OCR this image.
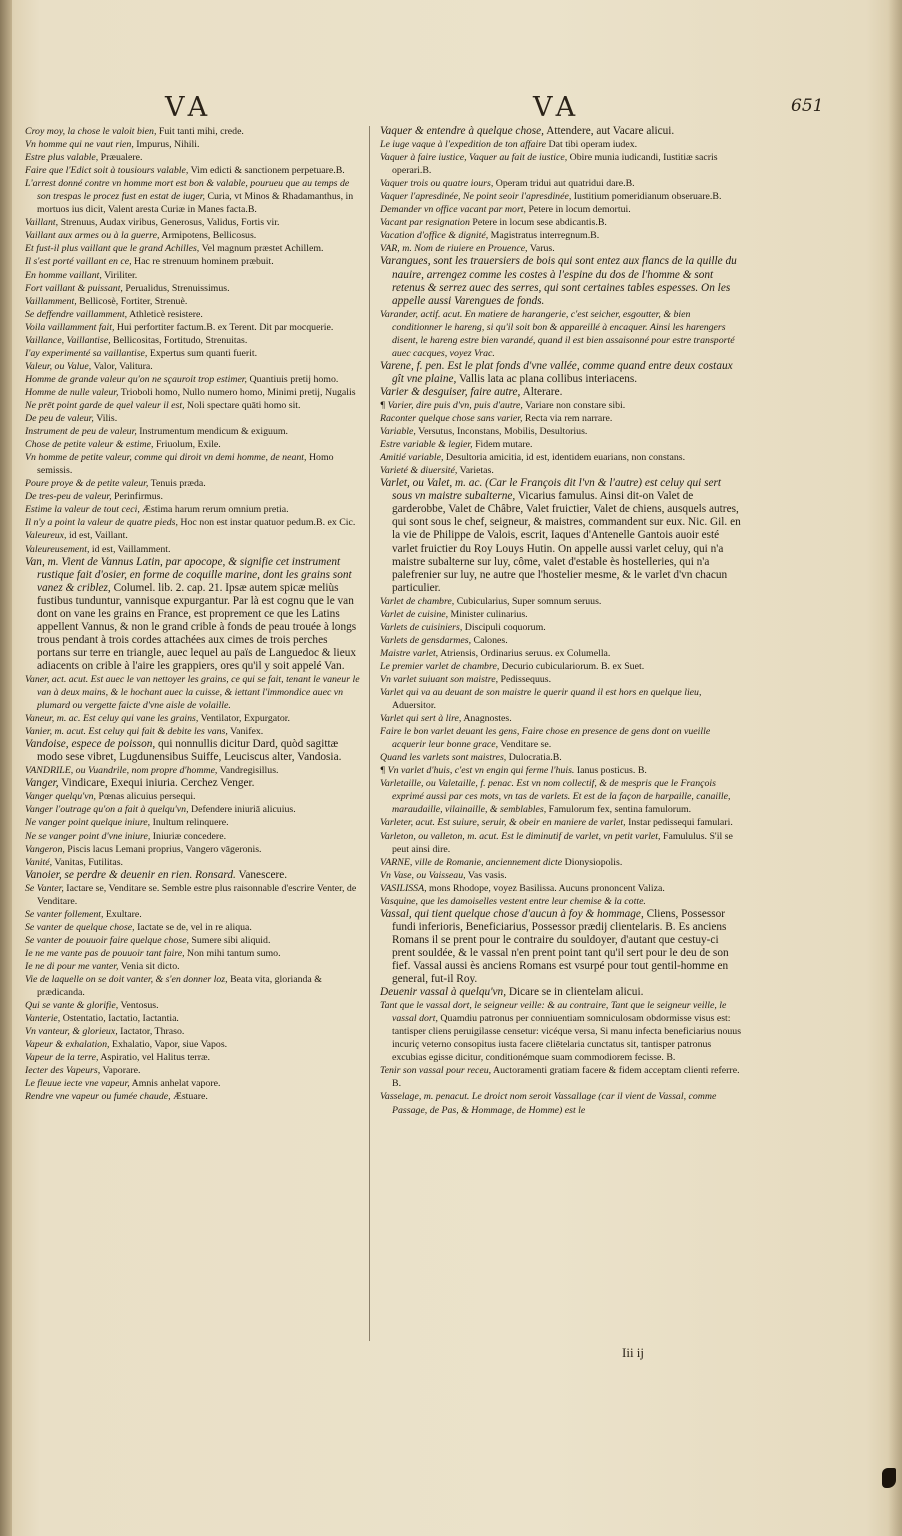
VA	VA	651

Croy moy, la chose le valoit bien, Fuit tanti mihi, crede.

Vn homme qui ne vaut rien, Impurus, Nihili.

Estre plus valable, Præualere.

Faire que l'Edict soit à tousiours valable, Vim edicti & sanctionem perpetuare.B.

L'arrest donné contre vn homme mort est bon & valable, pourueu que au temps de son trespas le procez fust en estat de iuger, Curia, vt Minos & Rhadamanthus, in mortuos ius dicit, Valent aresta Curiæ in Manes facta.B.

Vaillant, Strenuus, Audax viribus, Generosus, Validus, Fortis vir.

Vaillant aux armes ou à la guerre, Armipotens, Bellicosus.

Et fust-il plus vaillant que le grand Achilles, Vel magnum præstet Achillem.

Il s'est porté vaillant en ce, Hac re strenuum hominem præbuit.

En homme vaillant, Viriliter.

Fort vaillant & puissant, Perualidus, Strenuissimus.

Vaillamment, Bellicosè, Fortiter, Strenuè.

Se deffendre vaillamment, Athleticè resistere.

Voila vaillamment fait, Hui perfortiter factum.B. ex Terent. Dit par mocquerie.

Vaillance, Vaillantise, Bellicositas, Fortitudo, Strenuitas.

I'ay experimenté sa vaillantise, Expertus sum quanti fuerit.

Valeur, ou Value, Valor, Valitura.

Homme de grande valeur qu'on ne sçauroit trop estimer, Quantiuis pretij homo.

Homme de nulle valeur, Trioboli homo, Nullo numero homo, Minimi pretij, Nugalis

Ne prēt point garde de quel valeur il est, Noli spectare quāti homo sit.

De peu de valeur, Vilis.

Instrument de peu de valeur, Instrumentum mendicum & exiguum.

Chose de petite valeur & estime, Friuolum, Exile.

Vn homme de petite valeur, comme qui diroit vn demi homme, de neant, Homo semissis.

Poure proye & de petite valeur, Tenuis præda.

De tres-peu de valeur, Perinfirmus.

Estime la valeur de tout ceci, Æstima harum rerum omnium pretia.

Il n'y a point la valeur de quatre pieds, Hoc non est instar quatuor pedum.B. ex Cic.

Valeureux, id est, Vaillant.

Valeureusement, id est, Vaillamment.

Van, m. Vient de Vannus Latin, par apocope, & signifie cet instrument rustique fait d'osier, en forme de coquille marine, dont les grains sont vanez & criblez, Columel. lib. 2. cap. 21. Ipsæ autem spicæ meliùs fustibus tunduntur, vannisque expurgantur. Par là est cognu que le van dont on vane les grains en France, est proprement ce que les Latins appellent Vannus, & non le grand crible à fonds de peau trouée à longs trous pendant à trois cordes attachées aux cimes de trois perches portans sur terre en triangle, auec lequel au païs de Languedoc & lieux adiacents on crible à l'aire les grappiers, ores qu'il y soit appelé Van.

Vaner, act. acut. Est auec le van nettoyer les grains, ce qui se fait, tenant le vaneur le van à deux mains, & le hochant auec la cuisse, & iettant l'immondice auec vn plumard ou vergette faicte d'vne aisle de volaille.

Vaneur, m. ac. Est celuy qui vane les grains, Ventilator, Expurgator.

Vanier, m. acut. Est celuy qui fait & debite les vans, Vanifex.

Vandoise, espece de poisson, qui nonnullis dicitur Dard, quòd sagittæ modo sese vibret, Lugdunensibus Suiffe, Leuciscus alter, Vandosia.

VANDRILE, ou Vuandrile, nom propre d'homme, Vandregisillus.

Vanger, Vindicare, Exequi iniuria. Cerchez Venger.

Vanger quelqu'vn, Pœnas alicuius persequi.

Vanger l'outrage qu'on a fait à quelqu'vn, Defendere iniuriā alicuius.

Ne vanger point quelque iniure, Inultum relinquere.

Ne se vanger point d'vne iniure, Iniuriæ concedere.

Vangeron, Piscis lacus Lemani proprius, Vangero vāgeronis.

Vanité, Vanitas, Futilitas.

Vanoier, se perdre & deuenir en rien. Ronsard. Vanescere.

Se Vanter, Iactare se, Venditare se. Semble estre plus raisonnable d'escrire Venter, de Venditare.

Se vanter follement, Exultare.

Se vanter de quelque chose, Iactate se de, vel in re aliqua.

Se vanter de pouuoir faire quelque chose, Sumere sibi aliquid.

Ie ne me vante pas de pouuoir tant faire, Non mihi tantum sumo.

Ie ne di pour me vanter, Venia sit dicto.

Vie de laquelle on se doit vanter, & s'en donner loz, Beata vita, glorianda & prædicanda.

Qui se vante & glorifie, Ventosus.

Vanterie, Ostentatio, Iactatio, Iactantia.

Vn vanteur, & glorieux, Iactator, Thraso.

Vapeur & exhalation, Exhalatio, Vapor, siue Vapos.

Vapeur de la terre, Aspiratio, vel Halitus terræ.

Iecter des Vapeurs, Vaporare.

Le fleuue iecte vne vapeur, Amnis anhelat vapore.

Rendre vne vapeur ou fumée chaude, Æstuare.

Vaquer & entendre à quelque chose, Attendere, aut Vacare alicui.

Le iuge vaque à l'expedition de ton affaire Dat tibi operam iudex.

Vaquer à faire iustice, Vaquer au fait de iustice, Obire munia iudicandi, Iustitiæ sacris operari.B.

Vaquer trois ou quatre iours, Operam tridui aut quatridui dare.B.

Vaquer l'apresdinée, Ne point seoir l'apresdinée, Iustitium pomeridianum obseruare.B.

Demander vn office vacant par mort, Petere in locum demortui.

Vacant par resignation Petere in locum sese abdicantis.B.

Vacation d'office & dignité, Magistratus interregnum.B.

VAR, m. Nom de riuiere en Prouence, Varus.

Varangues, sont les trauersiers de bois qui sont entez aux flancs de la quille du nauire, arrengez comme les costes à l'espine du dos de l'homme & sont retenus & serrez auec des serres, qui sont certaines tables espesses. On les appelle aussi Varengues de fonds.

Varander, actif. acut. En matiere de harangerie, c'est seicher, esgoutter, & bien conditionner le hareng, si qu'il soit bon & appareillé à encaquer. Ainsi les harengers disent, le hareng estre bien varandé, quand il est bien assaisonné pour estre transporté auec cacques, voyez Vrac.

Varene, f. pen. Est le plat fonds d'vne vallée, comme quand entre deux costaux gît vne plaine, Vallis lata ac plana collibus interiacens.

Varier & desguiser, faire autre, Alterare.

¶ Varier, dire puis d'vn, puis d'autre, Variare non constare sibi.

Raconter quelque chose sans varier, Recta via rem narrare.

Variable, Versutus, Inconstans, Mobilis, Desultorius.

Estre variable & legier, Fidem mutare.

Amitié variable, Desultoria amicitia, id est, identidem euarians, non constans.

Varieté & diuersité, Varietas.

Varlet, ou Valet, m. ac. (Car le François dit l'vn & l'autre) est celuy qui sert sous vn maistre subalterne, Vicarius famulus. Ainsi dit-on Valet de garderobbe, Valet de Châbre, Valet fruictier, Valet de chiens, ausquels autres, qui sont sous le chef, seigneur, & maistres, commandent sur eux. Nic. Gil. en la vie de Philippe de Valois, escrit, Iaques d'Antenelle Gantois auoir esté varlet fruictier du Roy Louys Hutin. On appelle aussi varlet celuy, qui n'a maistre subalterne sur luy, côme, valet d'estable ès hostelleries, qui n'a palefrenier sur luy, ne autre que l'hostelier mesme, & le varlet d'vn chacun particulier.

Varlet de chambre, Cubicularius, Super somnum seruus.

Varlet de cuisine, Minister culinarius.

Varlets de cuisiniers, Discipuli coquorum.

Varlets de gensdarmes, Calones.

Maistre varlet, Atriensis, Ordinarius seruus. ex Columella.

Le premier varlet de chambre, Decurio cubiculariorum. B. ex Suet.

Vn varlet suiuant son maistre, Pedissequus.

Varlet qui va au deuant de son maistre le querir quand il est hors en quelque lieu, Aduersitor.

Varlet qui sert à lire, Anagnostes.

Faire le bon varlet deuant les gens, Faire chose en presence de gens dont on vueille acquerir leur bonne grace, Venditare se.

Quand les varlets sont maistres, Dulocratia.B.

¶ Vn varlet d'huis, c'est vn engin qui ferme l'huis. Ianus posticus. B.

Varletaille, ou Valetaille, f. penac. Est vn nom collectif, & de mespris que le François exprimé aussi par ces mots, vn tas de varlets. Et est de la façon de harpaille, canaille, maraudaille, vilainaille, & semblables, Famulorum fex, sentina famulorum.

Varleter, acut. Est suiure, seruir, & obeir en maniere de varlet, Instar pedissequi famulari.

Varleton, ou valleton, m. acut. Est le diminutif de varlet, vn petit varlet, Famululus. S'il se peut ainsi dire.

VARNE, ville de Romanie, anciennement dicte Dionysiopolis.

Vn Vase, ou Vaisseau, Vas vasis.

VASILISSA, mons Rhodope, voyez Basilissa. Aucuns prononcent Valiza.

Vasquine, que les damoiselles vestent entre leur chemise & la cotte.

Vassal, qui tient quelque chose d'aucun à foy & hommage, Cliens, Possessor fundi inferioris, Beneficiarius, Possessor prædij clientelaris. B. Es anciens Romans il se prent pour le contraire du souldoyer, d'autant que cestuy-ci prent souldée, & le vassal n'en prent point tant qu'il sert pour le deu de son fief. Vassal aussi ès anciens Romans est vsurpé pour tout gentil-homme en general, fut-il Roy.

Deuenir vassal à quelqu'vn, Dicare se in clientelam alicui.

Tant que le vassal dort, le seigneur veille: & au contraire, Tant que le seigneur veille, le vassal dort, Quamdiu patronus per conniuentiam somniculosam obdormisse visus est: tantisper cliens peruigilasse censetur: vicéque versa, Si manu infecta beneficiarius nouus incuriç veterno consopitus iusta facere cliētelaria cunctatus sit, tantisper patronus excubias egisse dicitur, conditionémque suam commodiorem fecisse. B.

Tenir son vassal pour receu, Auctoramenti gratiam facere & fidem acceptam clienti referre. B.

Vasselage, m. penacut. Le droict nom seroit Vassallage (car il vient de Vassal, comme Passage, de Pas, & Hommage, de Homme) est le

Iii ij
